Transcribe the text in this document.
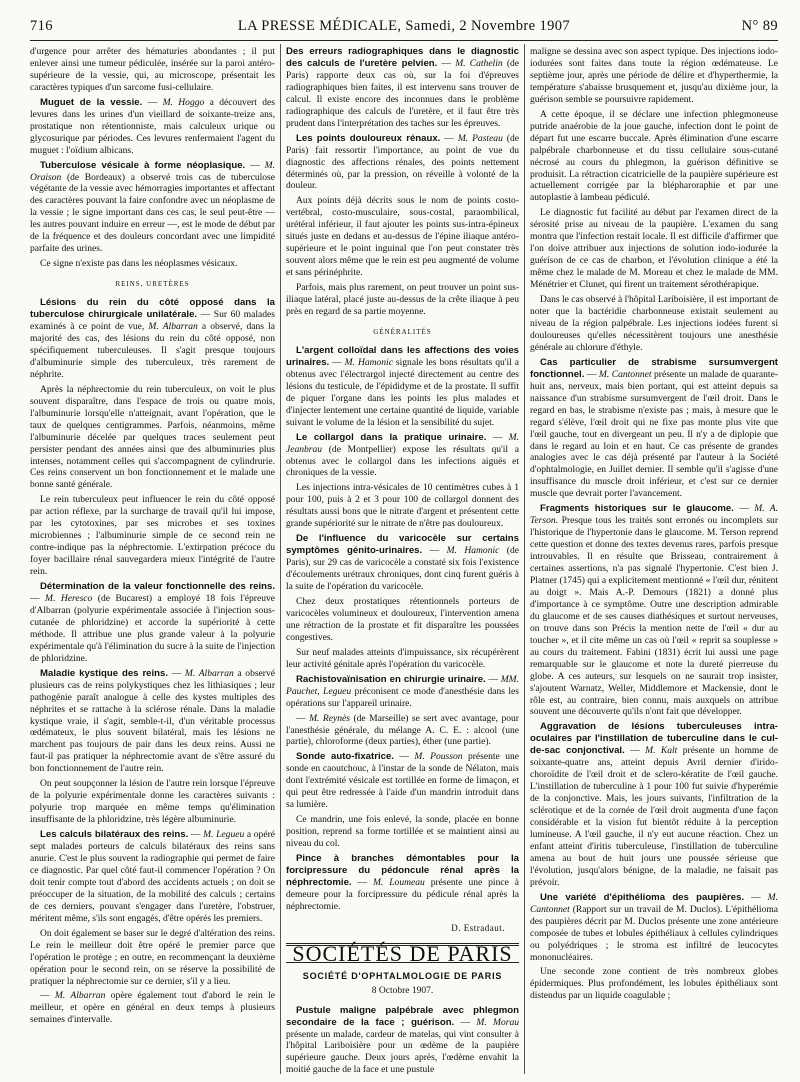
716	LA PRESSE MÉDICALE, Samedi, 2 Novembre 1907	N° 89

d'urgence pour arrêter des hématuries abondantes ; il put enlever ainsi une tumeur pédiculée, insérée sur la paroi antéro-supérieure de la vessie, qui, au microscope, présentait les caractères typiques d'un sarcome fusi-cellulaire.

Muguet de la vessie. — M. Hoggo a découvert des levures dans les urines d'un vieillard de soixante-treize ans, prostatique non rétentionniste, mais calculeux urique ou glycosurique par périodes. Ces levures renfermaient l'agent du muguet : l'oïdium albicans.

Tuberculose vésicale à forme néoplasique. — M. Oraison (de Bordeaux) a observé trois cas de tuberculose végétante de la vessie avec hémorragies importantes et affectant des caractères pouvant la faire confondre avec un néoplasme de la vessie ; le signe important dans ces cas, le seul peut-être — les autres pouvant induire en erreur —, est le mode de début par de la fréquence et des douleurs concordant avec une limpidité parfaite des urines.

Ce signe n'existe pas dans les néoplasmes vésicaux.

REINS, URETÈRES

Lésions du rein du côté opposé dans la tuberculose chirurgicale unilatérale. — Sur 60 malades examinés à ce point de vue, M. Albarran a observé, dans la majorité des cas, des lésions du rein du côté opposé, non spécifiquement tuberculeuses. Il s'agit presque toujours d'albuminurie simple des tuberculeux, très rarement de néphrite.

Après la néphrectomie du rein tuberculeux, on voit le plus souvent disparaître, dans l'espace de trois ou quatre mois, l'albuminurie lorsqu'elle n'atteignait, avant l'opération, que le taux de quelques centigrammes. Parfois, néanmoins, même l'albuminurie décelée par quelques traces seulement peut persister pendant des années ainsi que des albuminuries plus intenses, notamment celles qui s'accompagnent de cylindrurie. Ces reins conservent un bon fonctionnement et le malade une bonne santé générale.

Le rein tuberculeux peut influencer le rein du côté opposé par action réflexe, par la surcharge de travail qu'il lui impose, par les cytotoxines, par ses microbes et ses toxines microbiennes ; l'albuminurie simple de ce second rein ne contre-indique pas la néphrectomie. L'extirpation précoce du foyer bacillaire rénal sauvegardera mieux l'intégrité de l'autre rein.

Détermination de la valeur fonctionnelle des reins. — M. Heresco (de Bucarest) a employé 18 fois l'épreuve d'Albarran (polyurie expérimentale associée à l'injection sous-cutanée de phloridzine) et accorde la supériorité à cette méthode. Il attribue une plus grande valeur à la polyurie expérimentale qu'à l'élimination du sucre à la suite de l'injection de phloridzine.

Maladie kystique des reins. — M. Albarran a observé plusieurs cas de reins polykystiques chez les lithiasiques ; leur pathogénie paraît analogue à celle des kystes multiples des néphrites et se rattache à la sclérose rénale. Dans la maladie kystique vraie, il s'agit, semble-t-il, d'un véritable processus œdémateux, le plus souvent bilatéral, mais les lésions ne marchent pas toujours de pair dans les deux reins. Aussi ne faut-il pas pratiquer la néphrectomie avant de s'être assuré du bon fonctionnement de l'autre rein.

On peut soupçonner la lésion de l'autre rein lorsque l'épreuve de la polyurie expérimentale donne les caractères suivants : polyurie trop marquée en même temps qu'élimination insuffisante de la phloridzine, très légère albuminurie.

Les calculs bilatéraux des reins. — M. Legueu a opéré sept malades porteurs de calculs bilatéraux des reins sans anurie. C'est le plus souvent la radiographie qui permet de faire ce diagnostic. Par quel côté faut-il commencer l'opération ? On doit tenir compte tout d'abord des accidents actuels ; on doit se préoccuper de la situation, de la mobilité des calculs ; certains de ces derniers, pouvant s'engager dans l'uretère, l'obstruer, méritent même, s'ils sont engagés, d'être opérés les premiers.

On doit également se baser sur le degré d'altération des reins. Le rein le meilleur doit être opéré le premier parce que l'opération le protège ; en outre, en recommençant la deuxième opération pour le second rein, on se réserve la possibilité de pratiquer la néphrectomie sur ce dernier, s'il y a lieu.

— M. Albarran opère également tout d'abord le rein le meilleur, et opère en général en deux temps à plusieurs semaines d'intervalle.

Des erreurs radiographiques dans le diagnostic des calculs de l'uretère pelvien. — M. Cathelin (de Paris) rapporte deux cas où, sur la foi d'épreuves radiographiques bien faites, il est intervenu sans trouver de calcul. Il existe encore des inconnues dans le problème radiographique des calculs de l'uretère, et il faut être très prudent dans l'interprétation des taches sur les épreuves.

Les points douloureux rénaux. — M. Pasteau (de Paris) fait ressortir l'importance, au point de vue du diagnostic des affections rénales, des points nettement déterminés où, par la pression, on réveille à volonté de la douleur.

Aux points déjà décrits sous le nom de points costo-vertébral, costo-musculaire, sous-costal, paraombilical, urétéral inférieur, il faut ajouter les points sus-intra-épineux situés juste en dedans et au-dessus de l'épine iliaque antéro-supérieure et le point inguinal que l'on peut constater très souvent alors même que le rein est peu augmenté de volume et sans périnéphrite.

Parfois, mais plus rarement, on peut trouver un point sus-iliaque latéral, placé juste au-dessus de la crête iliaque à peu près en regard de sa partie moyenne.

GÉNÉRALITÉS

L'argent colloïdal dans les affections des voies urinaires. — M. Hamonic signale les bons résultats qu'il a obtenus avec l'électrargol injecté directement au centre des lésions du testicule, de l'épididyme et de la prostate. Il suffit de piquer l'organe dans les points les plus malades et d'injecter lentement une certaine quantité de liquide, variable suivant le volume de la lésion et la sensibilité du sujet.

Le collargol dans la pratique urinaire. — M. Jeanbrau (de Montpellier) expose les résultats qu'il a obtenus avec le collargol dans les infections aiguës et chroniques de la vessie.

Les injections intra-vésicales de 10 centimètres cubes à 1 pour 100, puis à 2 et 3 pour 100 de collargol donnent des résultats aussi bons que le nitrate d'argent et présentent cette grande supériorité sur le nitrate de n'être pas douloureux.

De l'influence du varicocèle sur certains symptômes génito-urinaires. — M. Hamonic (de Paris), sur 29 cas de varicocèle a constaté six fois l'existence d'écoulements urétraux chroniques, dont cinq furent guéris à la suite de l'opération du varicocèle.

Chez deux prostatiques rétentionnels porteurs de varicocèles volumineux et douloureux, l'intervention amena une rétraction de la prostate et fit disparaître les poussées congestives.

Sur neuf malades atteints d'impuissance, six récupérèrent leur activité génitale après l'opération du varicocèle.

Rachistovaïnisation en chirurgie urinaire. — MM. Pauchet, Legueu préconisent ce mode d'anesthésie dans les opérations sur l'appareil urinaire.

— M. Reynès (de Marseille) se sert avec avantage, pour l'anesthésie générale, du mélange A. C. E. : alcool (une partie), chloroforme (deux parties), éther (une partie).

Sonde auto-fixatrice. — M. Pousson présente une sonde en caoutchouc, à l'instar de la sonde de Nélaton, mais dont l'extrémité vésicale est tortillée en forme de limaçon, et qui peut être redressée à l'aide d'un mandrin introduit dans sa lumière.

Ce mandrin, une fois enlevé, la sonde, placée en bonne position, reprend sa forme tortillée et se maintient ainsi au niveau du col.

Pince à branches démontables pour la forcipressure du pédoncule rénal après la néphrectomie. — M. Loumeau présente une pince à demeure pour la forcipressure du pédicule rénal après la néphrectomie.

D. Estradaut.
SOCIÉTÉS DE PARIS
SOCIÉTÉ D'OPHTALMOLOGIE DE PARIS
8 Octobre 1907.

Pustule maligne palpébrale avec phlegmon secondaire de la face ; guérison. — M. Morau présente un malade, cardeur de matelas, qui vint consulter à l'hôpital Lariboisière pour un œdème de la paupière supérieure gauche. Deux jours après, l'œdème envahit la moitié gauche de la face et une pustule

maligne se dessina avec son aspect typique. Des injections iodo-iodurées sont faites dans toute la région œdémateuse. Le septième jour, après une période de délire et d'hyperthermie, la température s'abaisse brusquement et, jusqu'au dixième jour, la guérison semble se poursuivre rapidement.

A cette époque, il se déclare une infection phlegmoneuse putride anaérobie de la joue gauche, infection dont le point de départ fut une escarre buccale. Après élimination d'une escarre palpébrale charbonneuse et du tissu cellulaire sous-cutané nécrosé au cours du phlegmon, la guérison définitive se produisit. La rétraction cicatricielle de la paupière supérieure est actuellement corrigée par la blépharoraphie et par une autoplastie à lambeau pédiculé.

Le diagnostic fut facilité au début par l'examen direct de la sérosité prise au niveau de la paupière. L'examen du sang montra que l'infection restait locale. Il est difficile d'affirmer que l'on doive attribuer aux injections de solution iodo-iodurée la guérison de ce cas de charbon, et l'évolution clinique a été la même chez le malade de M. Moreau et chez le malade de MM. Ménétrier et Clunet, qui firent un traitement sérothérapique.

Dans le cas observé à l'hôpital Lariboisière, il est important de noter que la bactéridie charbonneuse existait seulement au niveau de la région palpébrale. Les injections iodées furent si douloureuses qu'elles nécessitèrent toujours une anesthésie générale au chlorure d'éthyle.

Cas particulier de strabisme sursumvergent fonctionnel. — M. Cantonnet présente un malade de quarante-huit ans, nerveux, mais bien portant, qui est atteint depuis sa naissance d'un strabisme sursumvergent de l'œil droit. Dans le regard en bas, le strabisme n'existe pas ; mais, à mesure que le regard s'élève, l'œil droit qui ne fixe pas monte plus vite que l'œil gauche, tout en divergeant un peu. Il n'y a de diplopie que dans le regard au loin et en haut. Ce cas présente de grandes analogies avec le cas déjà présenté par l'auteur à la Société d'ophtalmologie, en Juillet dernier. Il semble qu'il s'agisse d'une insuffisance du muscle droit inférieur, et c'est sur ce dernier muscle que devrait porter l'avancement.

Fragments historiques sur le glaucome. — M. A. Terson. Presque tous les traités sont erronés ou incomplets sur l'historique de l'hypertonie dans le glaucome. M. Terson reprend cette question et donne des textes devenus rares, parfois presque introuvables. Il en résulte que Brisseau, contrairement à certaines assertions, n'a pas signalé l'hypertonie. C'est bien J. Platner (1745) qui a explicitement mentionné « l'œil dur, rénitent au doigt ». Mais A.-P. Demours (1821) a donné plus d'importance à ce symptôme. Outre une description admirable du glaucome et de ses causes diathésiques et surtout nerveuses, on trouve dans son Précis la mention nette de l'œil « dur au toucher », et il cite même un cas où l'œil « reprit sa souplesse » au cours du traitement. Fabini (1831) écrit lui aussi une page remarquable sur le glaucome et note la dureté pierreuse du globe. A ces auteurs, sur lesquels on ne saurait trop insister, s'ajoutent Warnatz, Weller, Middlemore et Mackensie, dont le rôle est, au contraire, bien connu, mais auxquels on attribue souvent une découverte qu'ils n'ont fait que développer.

Aggravation de lésions tuberculeuses intra-oculaires par l'instillation de tuberculine dans le cul-de-sac conjonctival. — M. Kalt présente un homme de soixante-quatre ans, atteint depuis Avril dernier d'irido-choroïdite de l'œil droit et de sclero-kératite de l'œil gauche. L'instillation de tuberculine à 1 pour 100 fut suivie d'hyperémie de la conjonctive. Mais, les jours suivants, l'infiltration de la sclérotique et de la cornée de l'œil droit augmenta d'une façon considérable et la vision fut bientôt réduite à la perception lumineuse. A l'œil gauche, il n'y eut aucune réaction. Chez un enfant atteint d'iritis tuberculeuse, l'instillation de tuberculine amena au bout de huit jours une poussée sérieuse que l'évolution, jusqu'alors bénigne, de la maladie, ne faisait pas prévoir.

Une variété d'épithélioma des paupières. — M. Cantonnet (Rapport sur un travail de M. Duclos). L'épithélioma des paupières décrit par M. Duclos présente une zone antérieure composée de tubes et lobules épithéliaux à cellules cylindriques ou polyédriques ; le stroma est infiltré de leucocytes mononucléaires.

Une seconde zone contient de très nombreux globes épidermiques. Plus profondément, les lobules épithéliaux sont distendus par un liquide coagulable ;
